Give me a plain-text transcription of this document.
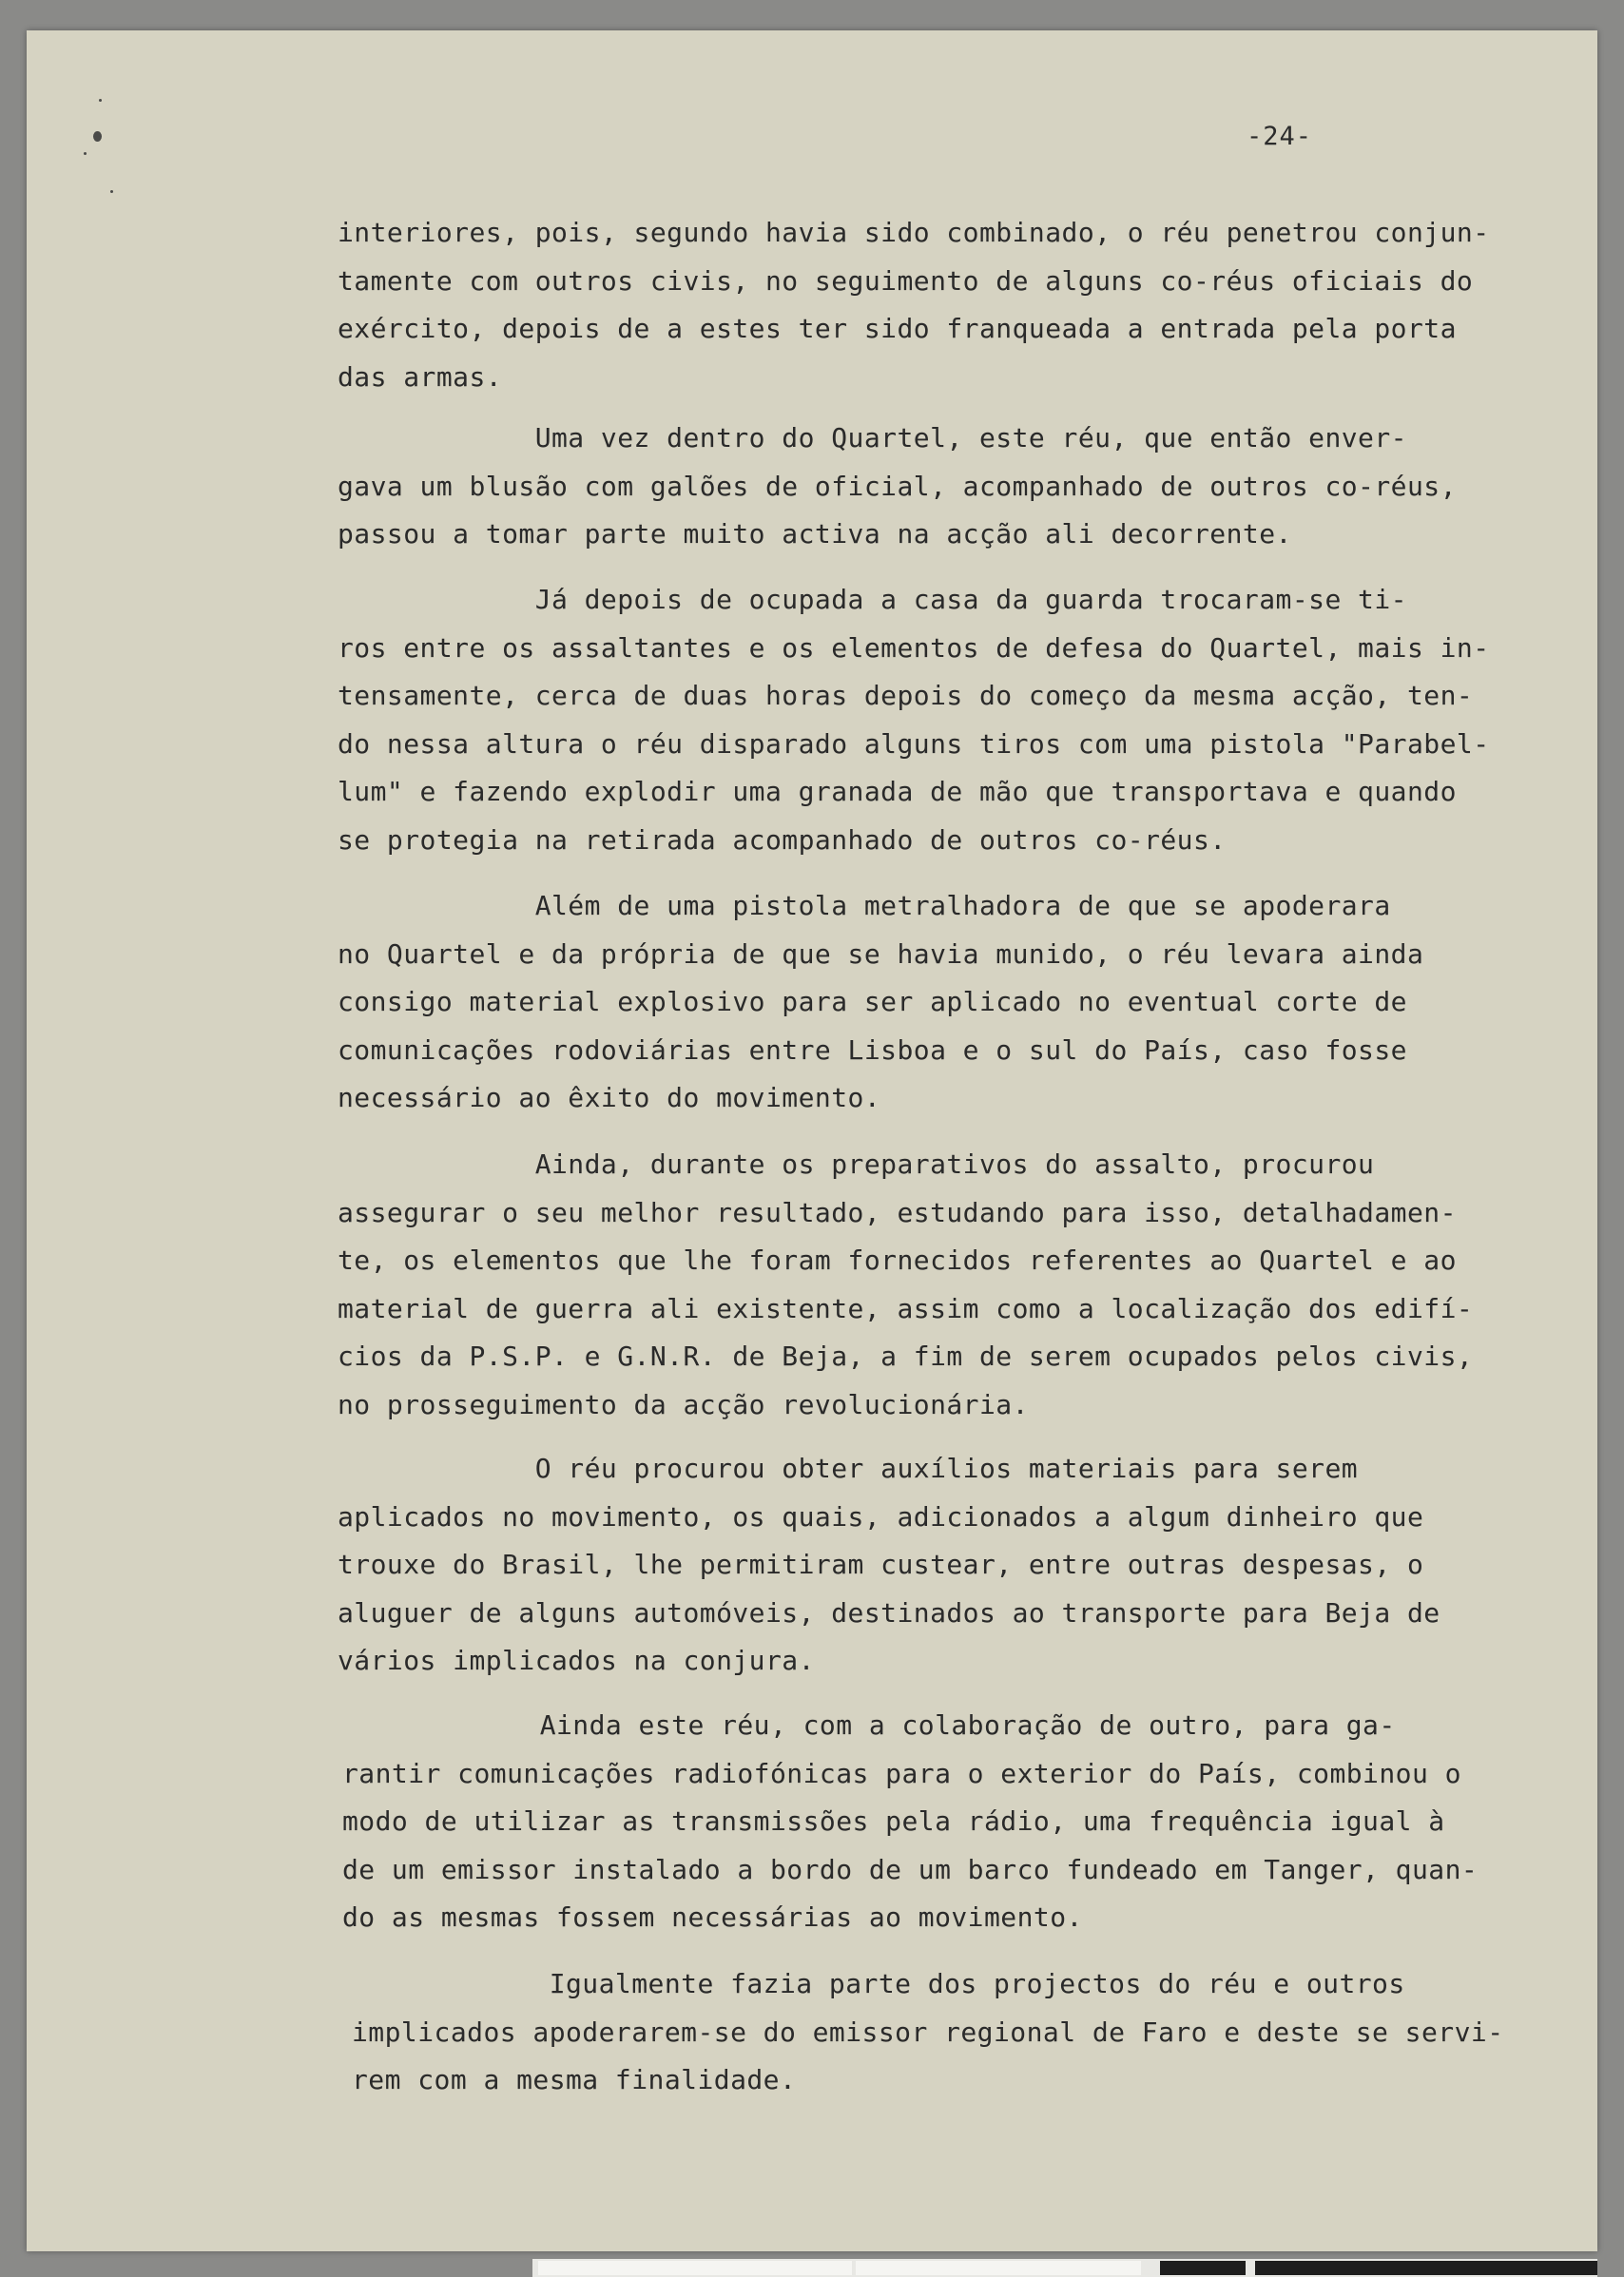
-24-

interiores, pois, segundo havia sido combinado, o réu penetrou conjun-
tamente com outros civis, no seguimento de alguns co-réus oficiais do
exército, depois de a estes ter sido franqueada a entrada pela porta
das armas.

Uma vez dentro do Quartel, este réu, que então enver-
gava um blusão com galões de oficial, acompanhado de outros co-réus,
passou a tomar parte muito activa na acção ali decorrente.

Já depois de ocupada a casa da guarda trocaram-se ti-
ros entre os assaltantes e os elementos de defesa do Quartel, mais in-
tensamente, cerca de duas horas depois do começo da mesma acção, ten-
do nessa altura o réu disparado alguns tiros com uma pistola "Parabel-
lum" e fazendo explodir uma granada de mão que transportava e quando
se protegia na retirada acompanhado de outros co-réus.

Além de uma pistola metralhadora de que se apoderara
no Quartel e da própria de que se havia munido, o réu levara ainda
consigo material explosivo para ser aplicado no eventual corte de
comunicações rodoviárias entre Lisboa e o sul do País, caso fosse
necessário ao êxito do movimento.

Ainda, durante os preparativos do assalto, procurou
assegurar o seu melhor resultado, estudando para isso, detalhadamen-
te, os elementos que lhe foram fornecidos referentes ao Quartel e ao
material de guerra ali existente, assim como a localização dos edifí-
cios da P.S.P. e G.N.R. de Beja, a fim de serem ocupados pelos civis,
no prosseguimento da acção revolucionária.

O réu procurou obter auxílios materiais para serem
aplicados no movimento, os quais, adicionados a algum dinheiro que
trouxe do Brasil, lhe permitiram custear, entre outras despesas, o
aluguer de alguns automóveis, destinados ao transporte para Beja de
vários implicados na conjura.

Ainda este réu, com a colaboração de outro, para ga-
rantir comunicações radiofónicas para o exterior do País, combinou o
modo de utilizar as transmissões pela rádio, uma frequência igual à
de um emissor instalado a bordo de um barco fundeado em Tanger, quan-
do as mesmas fossem necessárias ao movimento.

Igualmente fazia parte dos projectos do réu e outros
implicados apoderarem-se do emissor regional de Faro e deste se servi-
rem com a mesma finalidade.
